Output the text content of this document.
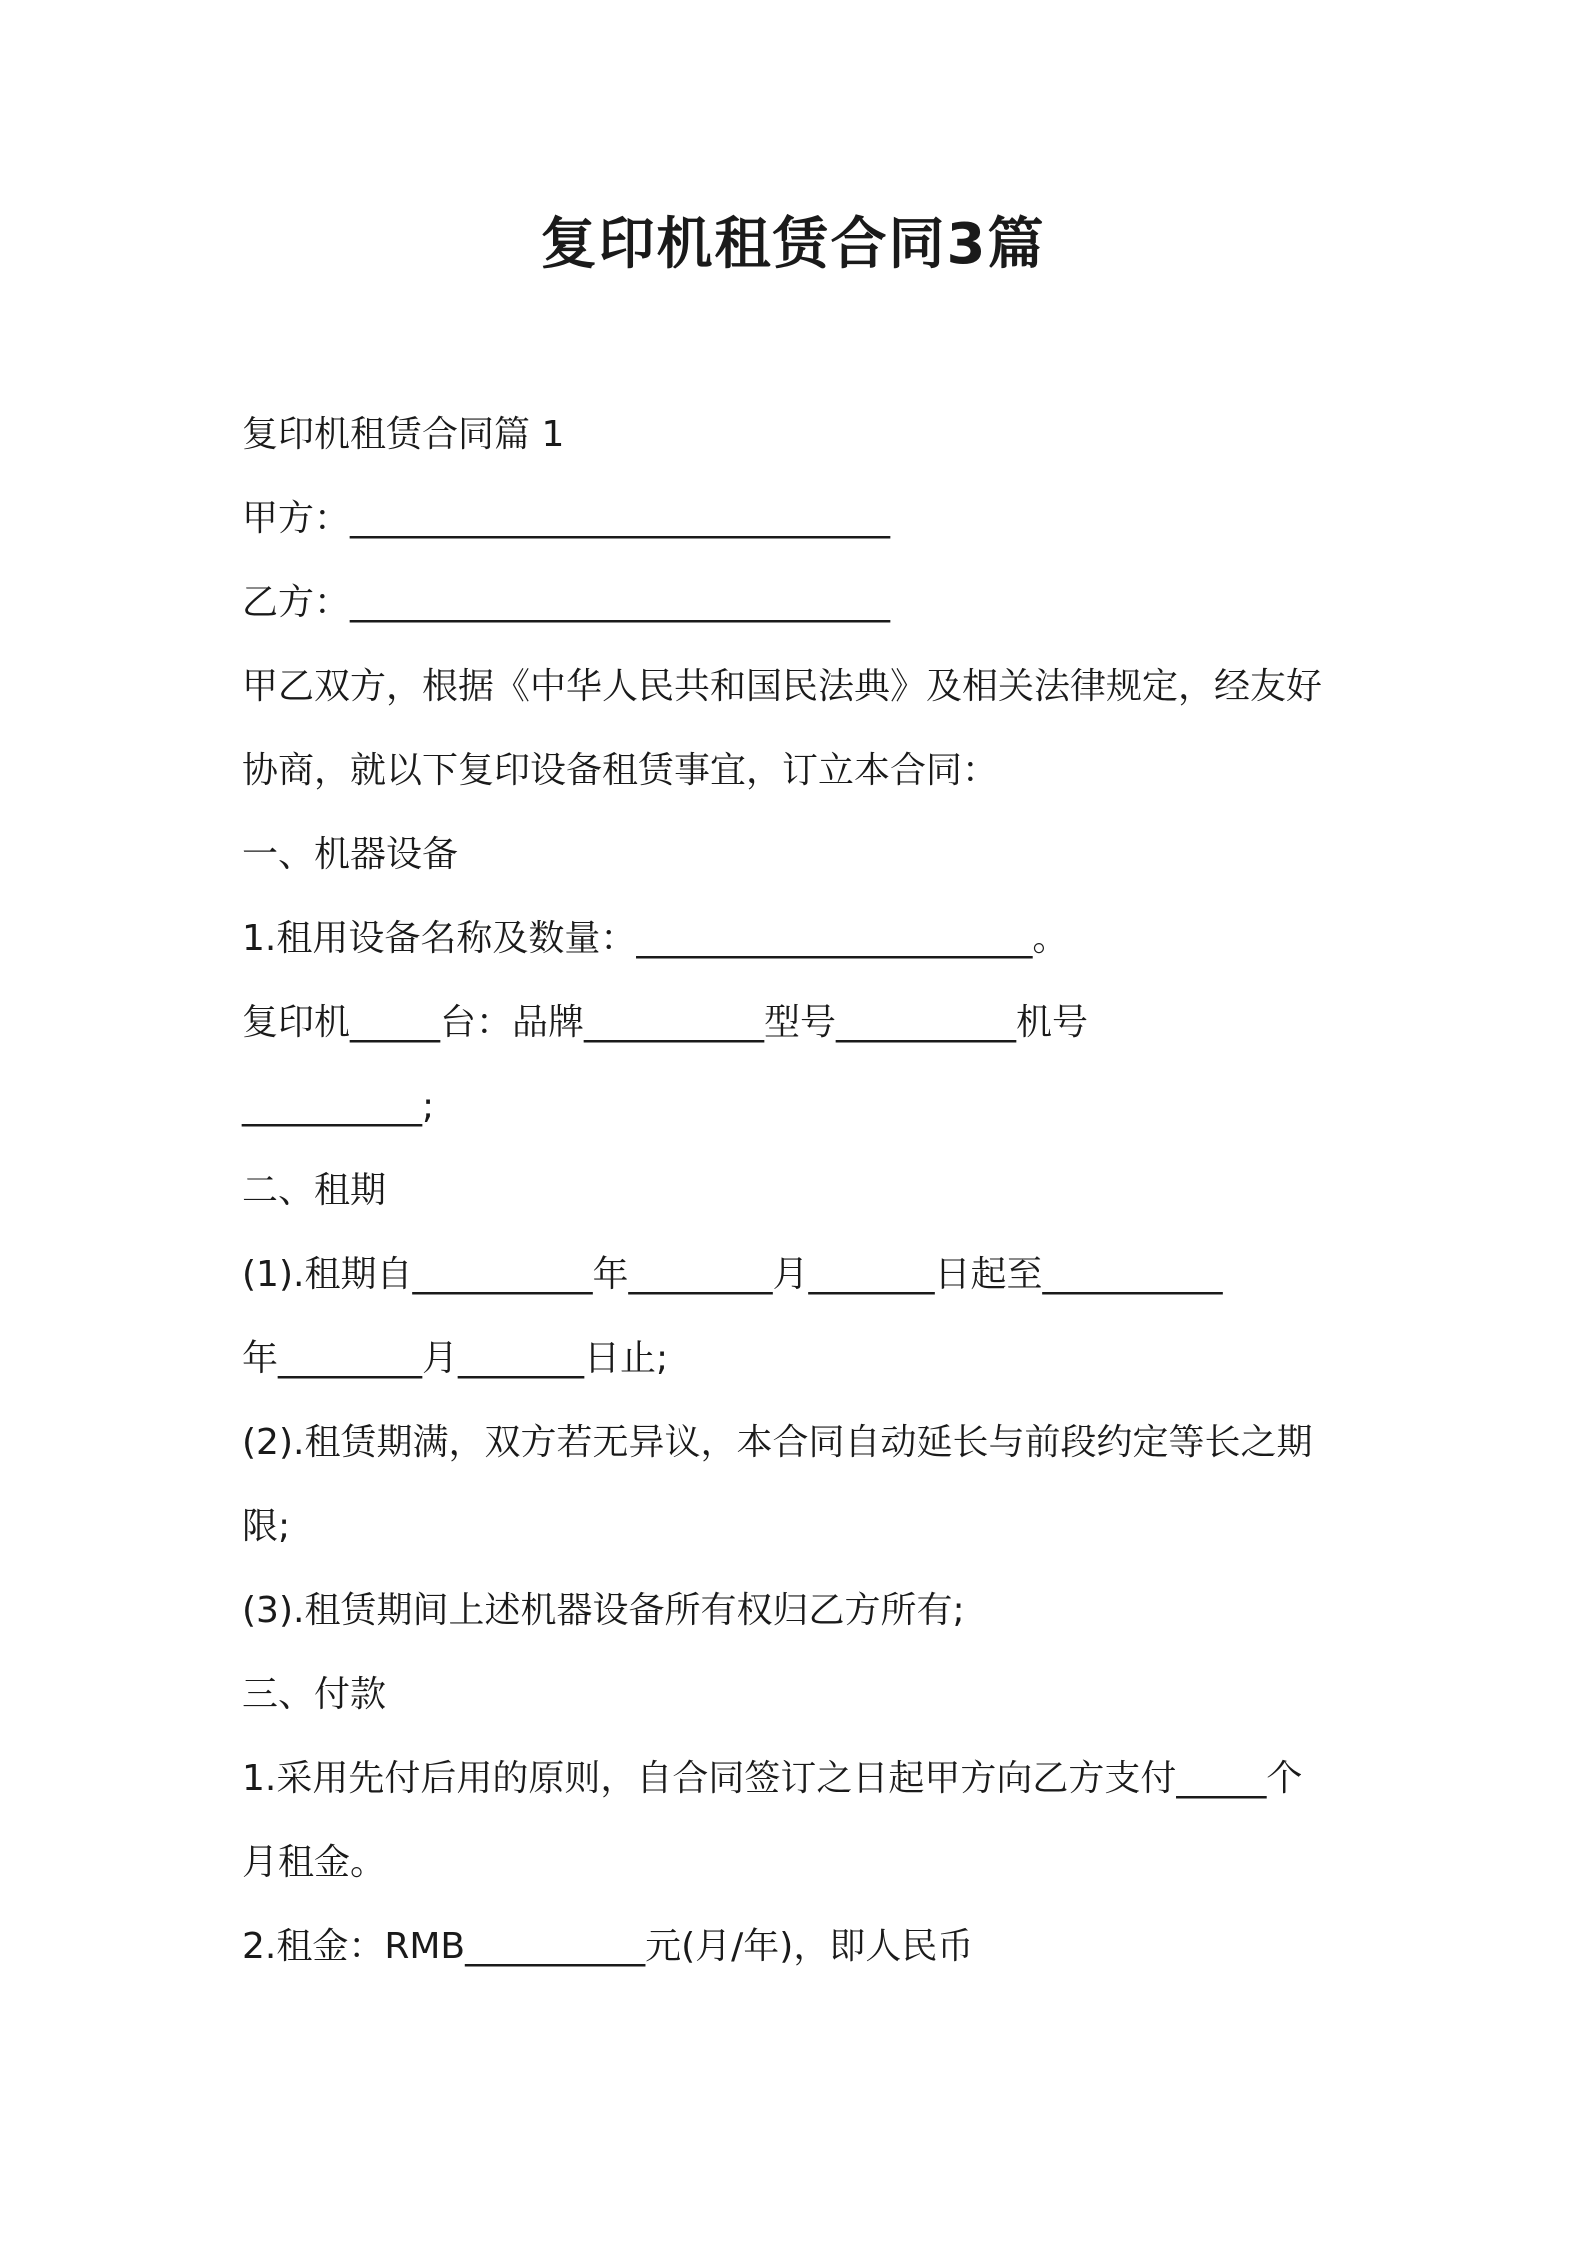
复印机租赁合同3篇
复印机租赁合同篇 1
甲方：______________________________
乙方：______________________________
甲乙双方，根据《中华人民共和国民法典》及相关法律规定，经友好
协商，就以下复印设备租赁事宜，订立本合同：
一、机器设备
1.租用设备名称及数量：______________________。
复印机_____台：品牌__________型号__________机号
__________;
二、租期
(1).租期自__________年________月_______日起至__________
年________月_______日止;
(2).租赁期满，双方若无异议，本合同自动延长与前段约定等长之期
限;
(3).租赁期间上述机器设备所有权归乙方所有;
三、付款
1.采用先付后用的原则，自合同签订之日起甲方向乙方支付_____个
月租金。
2.租金：RMB__________元(月/年)，即人民币
